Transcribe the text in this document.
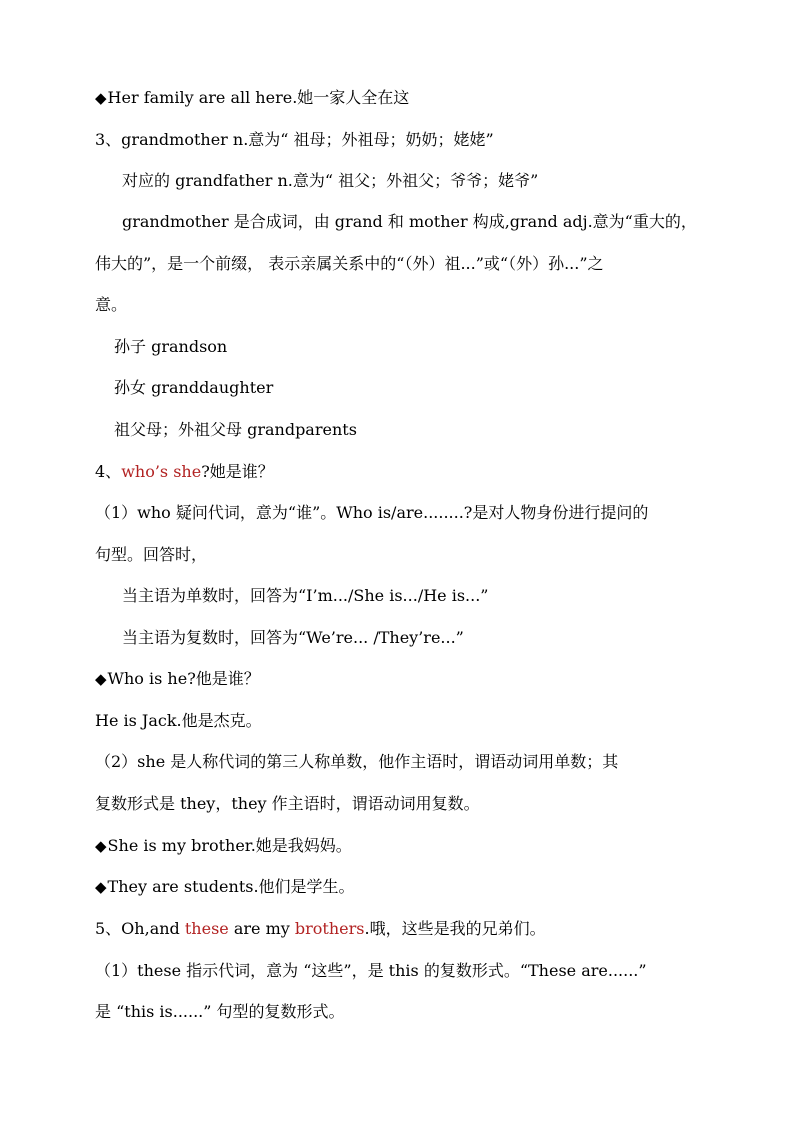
◆Her family are all here.她一家人全在这
3、grandmother n.意为“ 祖母；外祖母；奶奶；姥姥”
对应的 grandfather n.意为“ 祖父；外祖父；爷爷；姥爷”
grandmother 是合成词，由 grand 和 mother 构成,grand adj.意为“重大的，
伟大的”，是一个前缀， 表示亲属关系中的“（外）祖...”或“（外）孙...”之
意。
孙子 grandson
孙女 granddaughter
祖父母；外祖父母 grandparents
4、who’s she?她是谁？
（1）who 疑问代词，意为“谁”。Who is/are........?是对人物身份进行提问的
句型。回答时，
当主语为单数时，回答为“I’m.../She is.../He is...”
当主语为复数时，回答为“We’re... /They’re...”
◆Who is he?他是谁？
He is Jack.他是杰克。
（2）she 是人称代词的第三人称单数，他作主语时，谓语动词用单数；其
复数形式是 they，they 作主语时，谓语动词用复数。
◆She is my brother.她是我妈妈。
◆They are students.他们是学生。
5、Oh,and these are my brothers.哦，这些是我的兄弟们。
（1）these 指示代词，意为 “这些”，是 this 的复数形式。“These are......”
是 “this is......” 句型的复数形式。
